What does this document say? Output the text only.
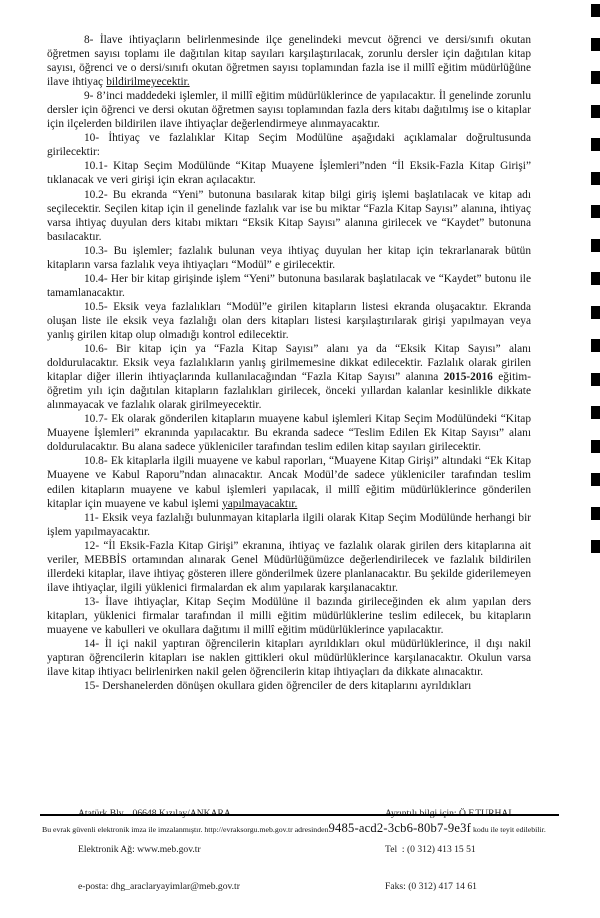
8- İlave ihtiyaçların belirlenmesinde ilçe genelindeki mevcut öğrenci ve dersi/sınıfı okutan öğretmen sayısı toplamı ile dağıtılan kitap sayıları karşılaştırılacak, zorunlu dersler için dağıtılan kitap sayısı, öğrenci ve o dersi/sınıfı okutan öğretmen sayısı toplamından fazla ise il millî eğitim müdürlüğüne ilave ihtiyaç bildirilmeyecektir.

9- 8’inci maddedeki işlemler, il millî eğitim müdürlüklerince de yapılacaktır. İl genelinde zorunlu dersler için öğrenci ve dersi okutan öğretmen sayısı toplamından fazla ders kitabı dağıtılmış ise o kitaplar için ilçelerden bildirilen ilave ihtiyaçlar değerlendirmeye alınmayacaktır.

10- İhtiyaç ve fazlalıklar Kitap Seçim Modülüne aşağıdaki açıklamalar doğrultusunda girilecektir:

10.1- Kitap Seçim Modülünde “Kitap Muayene İşlemleri”nden “İl Eksik-Fazla Kitap Girişi” tıklanacak ve veri girişi için ekran açılacaktır.

10.2- Bu ekranda “Yeni” butonuna basılarak kitap bilgi giriş işlemi başlatılacak ve kitap adı seçilecektir. Seçilen kitap için il genelinde fazlalık var ise bu miktar “Fazla Kitap Sayısı” alanına, ihtiyaç varsa ihtiyaç duyulan ders kitabı miktarı “Eksik Kitap Sayısı” alanına girilecek ve “Kaydet” butonuna basılacaktır.

10.3- Bu işlemler; fazlalık bulunan veya ihtiyaç duyulan her kitap için tekrarlanarak bütün kitapların varsa fazlalık veya ihtiyaçları “Modül” e girilecektir.

10.4- Her bir kitap girişinde işlem “Yeni” butonuna basılarak başlatılacak ve “Kaydet” butonu ile tamamlanacaktır.

10.5- Eksik veya fazlalıkları “Modül”e girilen kitapların listesi ekranda oluşacaktır. Ekranda oluşan liste ile eksik veya fazlalığı olan ders kitapları listesi karşılaştırılarak girişi yapılmayan veya yanlış girilen kitap olup olmadığı kontrol edilecektir.

10.6- Bir kitap için ya “Fazla Kitap Sayısı” alanı ya da “Eksik Kitap Sayısı” alanı doldurulacaktır. Eksik veya fazlalıkların yanlış girilmemesine dikkat edilecektir. Fazlalık olarak girilen kitaplar diğer illerin ihtiyaçlarında kullanılacağından “Fazla Kitap Sayısı” alanına 2015-2016 eğitim-öğretim yılı için dağıtılan kitapların fazlalıkları girilecek, önceki yıllardan kalanlar kesinlikle dikkate alınmayacak ve fazlalık olarak girilmeyecektir.

10.7- Ek olarak gönderilen kitapların muayene kabul işlemleri Kitap Seçim Modülündeki “Kitap Muayene İşlemleri” ekranında yapılacaktır. Bu ekranda sadece “Teslim Edilen Ek Kitap Sayısı” alanı doldurulacaktır. Bu alana sadece yükleniciler tarafından teslim edilen kitap sayıları girilecektir.

10.8- Ek kitaplarla ilgili muayene ve kabul raporları, “Muayene Kitap Girişi” altındaki “Ek Kitap Muayene ve Kabul Raporu”ndan alınacaktır. Ancak Modül’de sadece yükleniciler tarafından teslim edilen kitapların muayene ve kabul işlemleri yapılacak, il millî eğitim müdürlüklerince gönderilen kitaplar için muayene ve kabul işlemi yapılmayacaktır.

11- Eksik veya fazlalığı bulunmayan kitaplarla ilgili olarak Kitap Seçim Modülünde herhangi bir işlem yapılmayacaktır.

12- “İl Eksik-Fazla Kitap Girişi” ekranına, ihtiyaç ve fazlalık olarak girilen ders kitaplarına ait veriler, MEBBİS ortamından alınarak Genel Müdürlüğümüzce değerlendirilecek ve fazlalık bildirilen illerdeki kitaplar, ilave ihtiyaç gösteren illere gönderilmek üzere planlanacaktır. Bu şekilde giderilemeyen ilave ihtiyaçlar, ilgili yüklenici firmalardan ek alım yapılarak karşılanacaktır.

13- İlave ihtiyaçlar, Kitap Seçim Modülüne il bazında girileceğinden ek alım yapılan ders kitapları, yüklenici firmalar tarafından il milli eğitim müdürlüklerine teslim edilecek, bu kitapların muayene ve kabulleri ve okullara dağıtımı il millî eğitim müdürlüklerince yapılacaktır.

14- İl içi nakil yaptıran öğrencilerin kitapları ayrıldıkları okul müdürlüklerince, il dışı nakil yaptıran öğrencilerin kitapları ise naklen gittikleri okul müdürlüklerince karşılanacaktır. Okulun varsa ilave kitap ihtiyacı belirlenirken nakil gelen öğrencilerin kitap ihtiyaçları da dikkate alınacaktır.

15- Dershanelerden dönüşen okullara giden öğrenciler de ders kitaplarını ayrıldıkları

Elektronik Ağ: www.meb.gov.tr

e-posta: dhg_araclaryayimlar@meb.gov.tr

Tel  : (0 312) 413 15 51

Faks: (0 312) 417 14 61

Bu evrak güvenli elektronik imza ile imzalanmıştır. http://evraksorgu.meb.gov.tr adresinden9485-acd2-3cb6-80b7-9e3f kodu ile teyit edilebilir.
